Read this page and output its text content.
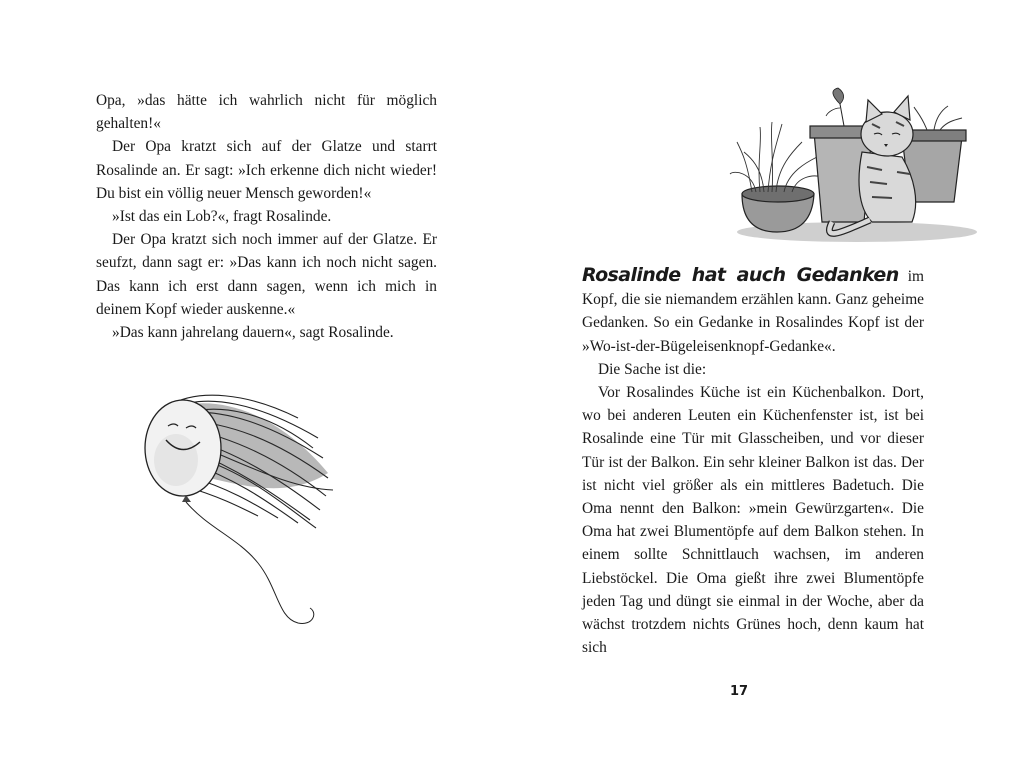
Opa, »das hätte ich wahrlich nicht für möglich gehalten!«

Der Opa kratzt sich auf der Glatze und starrt Rosalinde an. Er sagt: »Ich erkenne dich nicht wieder! Du bist ein völlig neuer Mensch geworden!«

»Ist das ein Lob?«, fragt Rosalinde.

Der Opa kratzt sich noch immer auf der Glatze. Er seufzt, dann sagt er: »Das kann ich noch nicht sagen. Das kann ich erst dann sagen, wenn ich mich in deinem Kopf wieder auskenne.«

»Das kann jahrelang dauern«, sagt Rosalinde.

Rosalinde hat auch Gedanken im Kopf, die sie niemandem erzählen kann. Ganz geheime Gedanken. So ein Gedanke in Rosalindes Kopf ist der »Wo-ist-der-Bügeleisenknopf-Gedanke«.

Die Sache ist die:

Vor Rosalindes Küche ist ein Küchenbalkon. Dort, wo bei anderen Leuten ein Küchenfenster ist, ist bei Rosalinde eine Tür mit Glasscheiben, und vor dieser Tür ist der Balkon. Ein sehr kleiner Balkon ist das. Der ist nicht viel größer als ein mittleres Badetuch. Die Oma nennt den Balkon: »mein Gewürzgarten«. Die Oma hat zwei Blumentöpfe auf dem Balkon stehen. In einem sollte Schnittlauch wachsen, im anderen Liebstöckel. Die Oma gießt ihre zwei Blumentöpfe jeden Tag und düngt sie einmal in der Woche, aber da wächst trotzdem nichts Grünes hoch, denn kaum hat sich

17
